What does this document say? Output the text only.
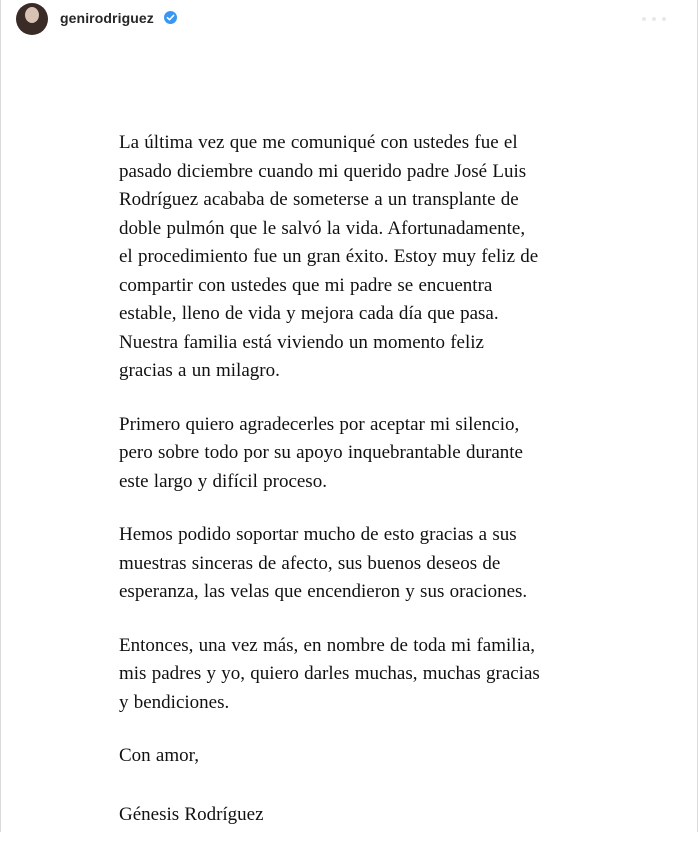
genirodriguez

La última vez que me comuniqué con ustedes fue el
pasado diciembre cuando mi querido padre José Luis
Rodríguez acababa de someterse a un transplante de
doble pulmón que le salvó la vida. Afortunadamente,
el procedimiento fue un gran éxito. Estoy muy feliz de
compartir con ustedes que mi padre se encuentra
estable, lleno de vida y mejora cada día que pasa.
Nuestra familia está viviendo un momento feliz
gracias a un milagro.

Primero quiero agradecerles por aceptar mi silencio,
pero sobre todo por su apoyo inquebrantable durante
este largo y difícil proceso.

Hemos podido soportar mucho de esto gracias a sus
muestras sinceras de afecto, sus buenos deseos de
esperanza, las velas que encendieron y sus oraciones.

Entonces, una vez más, en nombre de toda mi familia,
mis padres y yo, quiero darles muchas, muchas gracias
y bendiciones.

Con amor,

Génesis Rodríguez
